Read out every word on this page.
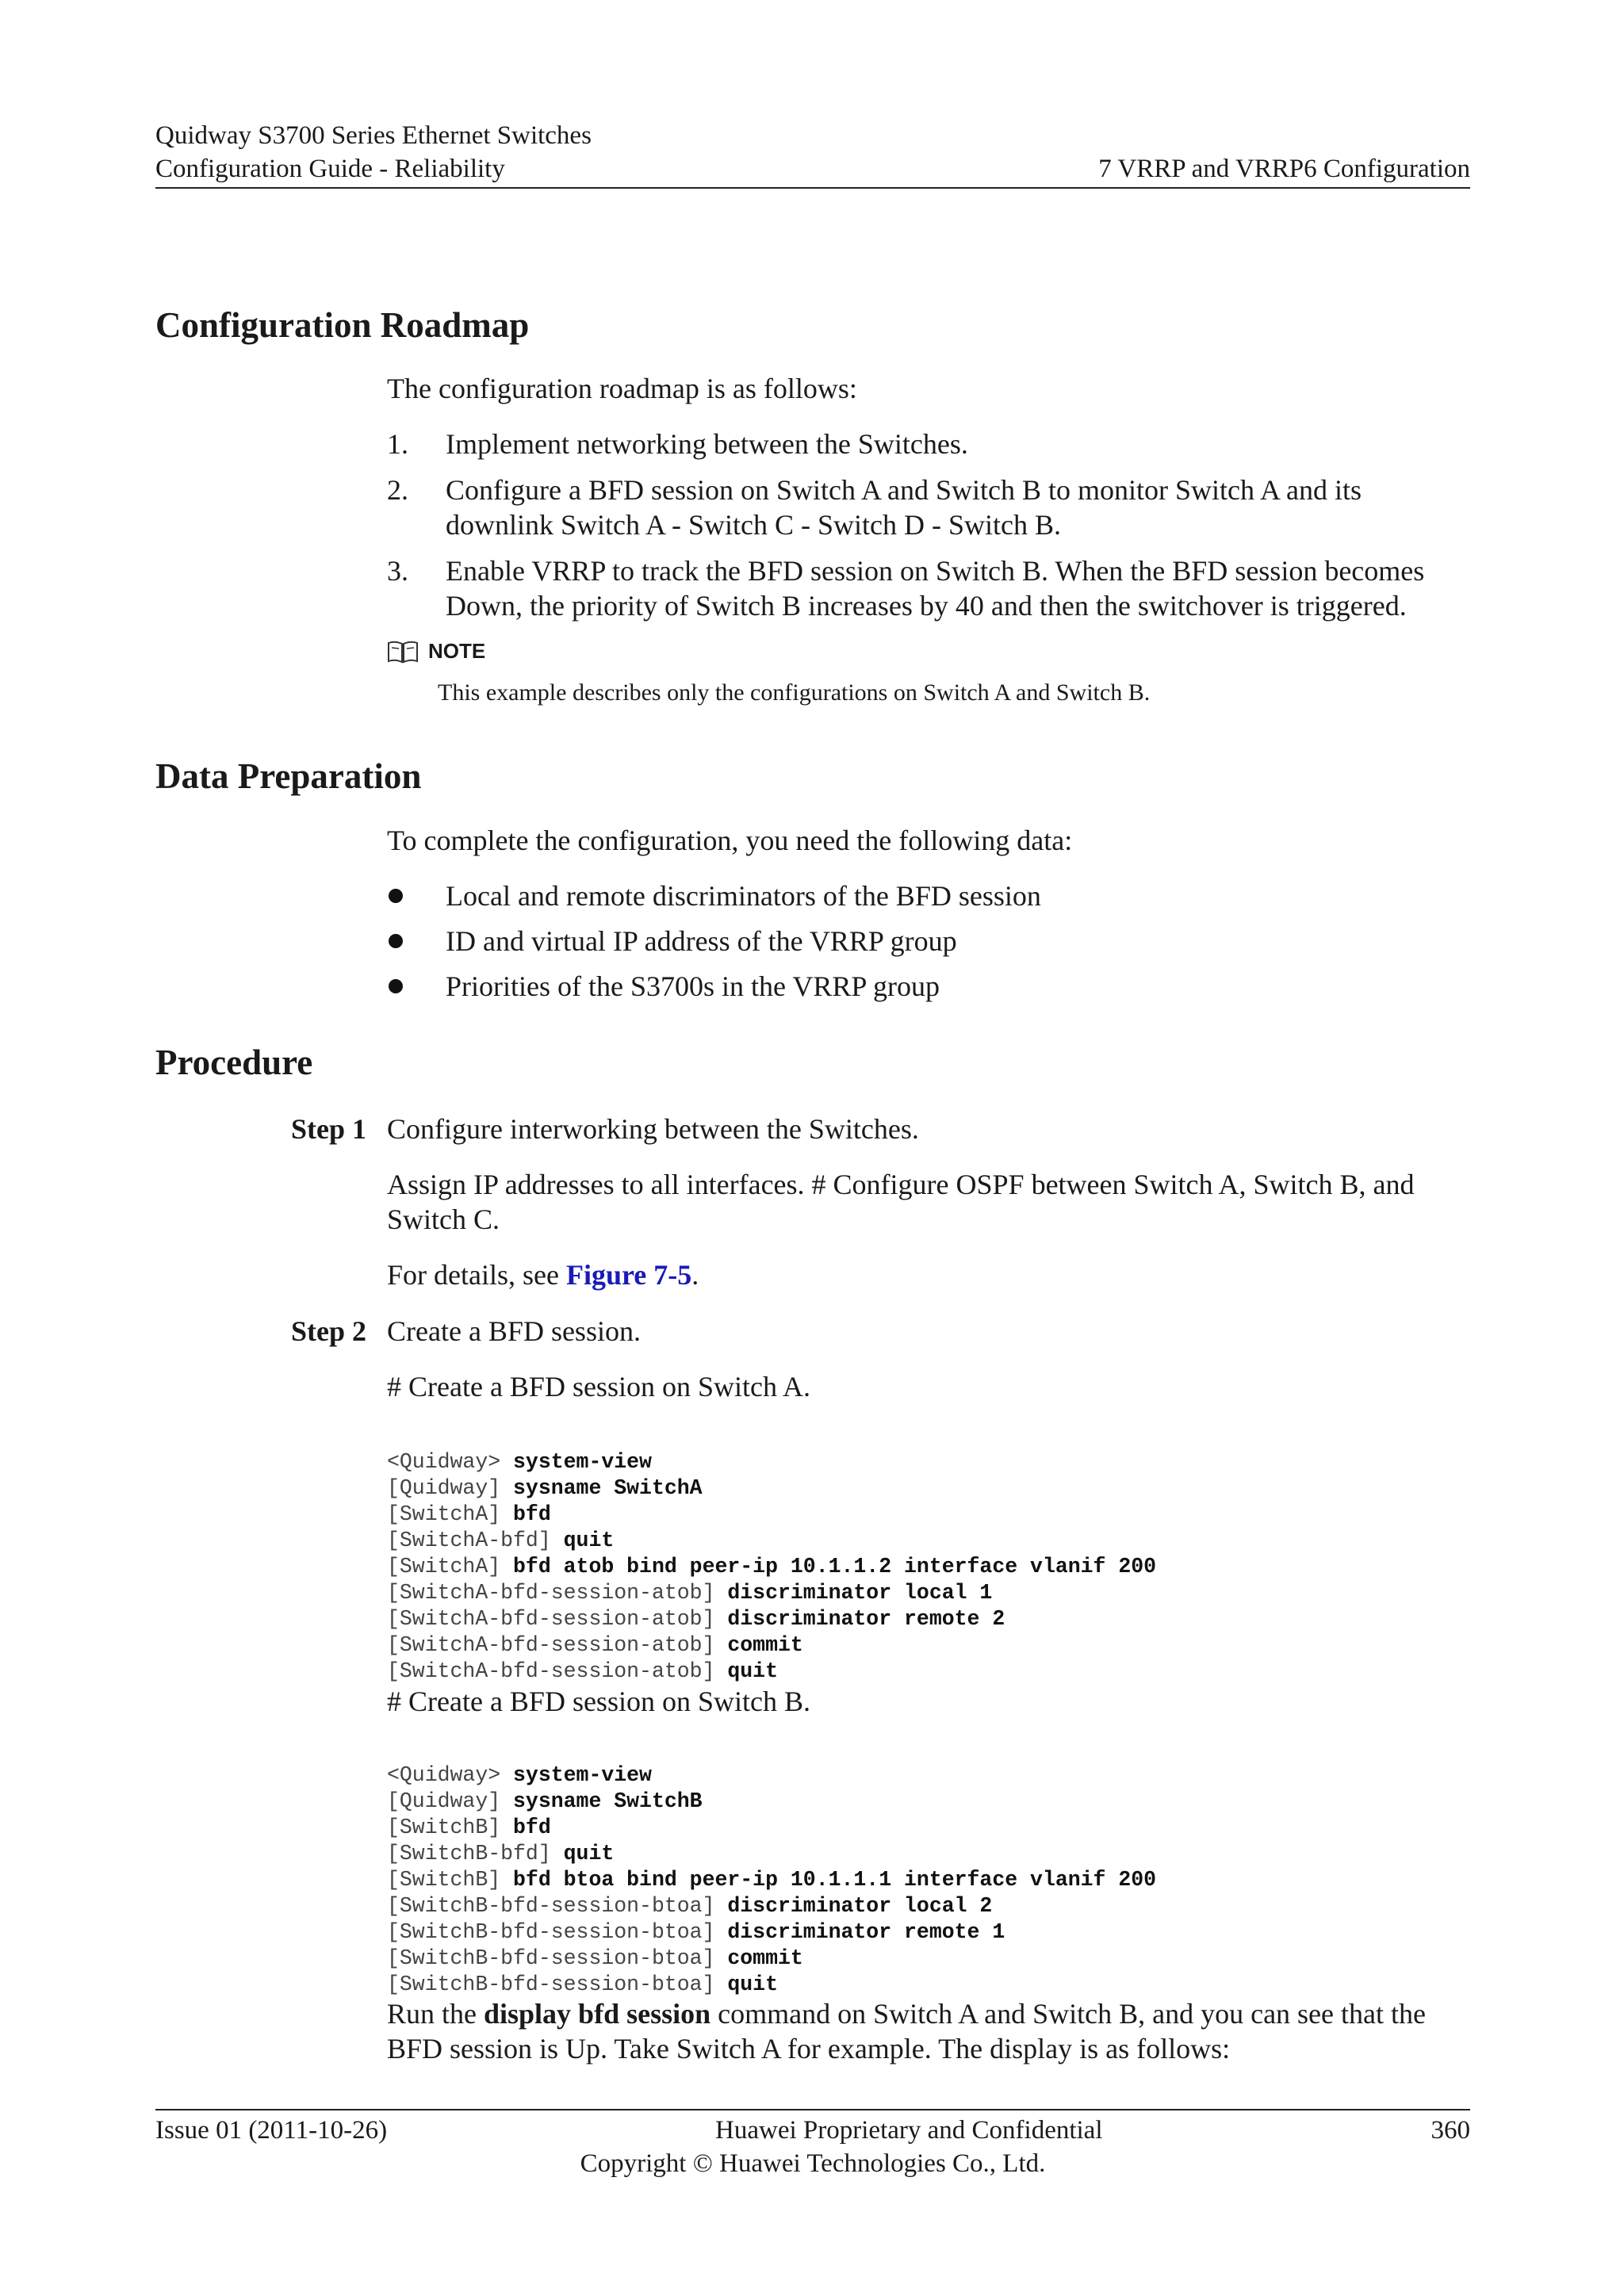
Quidway S3700 Series Ethernet Switches
Configuration Guide - Reliability	7 VRRP and VRRP6 Configuration
Configuration Roadmap

The configuration roadmap is as follows:

1.	Implement networking between the Switches.
2.	Configure a BFD session on Switch A and Switch B to monitor Switch A and its downlink Switch A - Switch C - Switch D - Switch B.
3.	Enable VRRP to track the BFD session on Switch B. When the BFD session becomes Down, the priority of Switch B increases by 40 and then the switchover is triggered.
NOTE
This example describes only the configurations on Switch A and Switch B.
Data Preparation

To complete the configuration, you need the following data:

Local and remote discriminators of the BFD session
ID and virtual IP address of the VRRP group
Priorities of the S3700s in the VRRP group
Procedure
Step 1 Configure interworking between the Switches.

Assign IP addresses to all interfaces. # Configure OSPF between Switch A, Switch B, and Switch C.

For details, see Figure 7-5.

Step 2 Create a BFD session.

# Create a BFD session on Switch A.

<Quidway> system-view
[Quidway] sysname SwitchA
[SwitchA] bfd
[SwitchA-bfd] quit
[SwitchA] bfd atob bind peer-ip 10.1.1.2 interface vlanif 200
[SwitchA-bfd-session-atob] discriminator local 1
[SwitchA-bfd-session-atob] discriminator remote 2
[SwitchA-bfd-session-atob] commit
[SwitchA-bfd-session-atob] quit

# Create a BFD session on Switch B.

<Quidway> system-view
[Quidway] sysname SwitchB
[SwitchB] bfd
[SwitchB-bfd] quit
[SwitchB] bfd btoa bind peer-ip 10.1.1.1 interface vlanif 200
[SwitchB-bfd-session-btoa] discriminator local 2
[SwitchB-bfd-session-btoa] discriminator remote 1
[SwitchB-bfd-session-btoa] commit
[SwitchB-bfd-session-btoa] quit

Run the display bfd session command on Switch A and Switch B, and you can see that the BFD session is Up. Take Switch A for example. The display is as follows:

Issue 01 (2011-10-26)	Huawei Proprietary and Confidential	360
Copyright © Huawei Technologies Co., Ltd.
